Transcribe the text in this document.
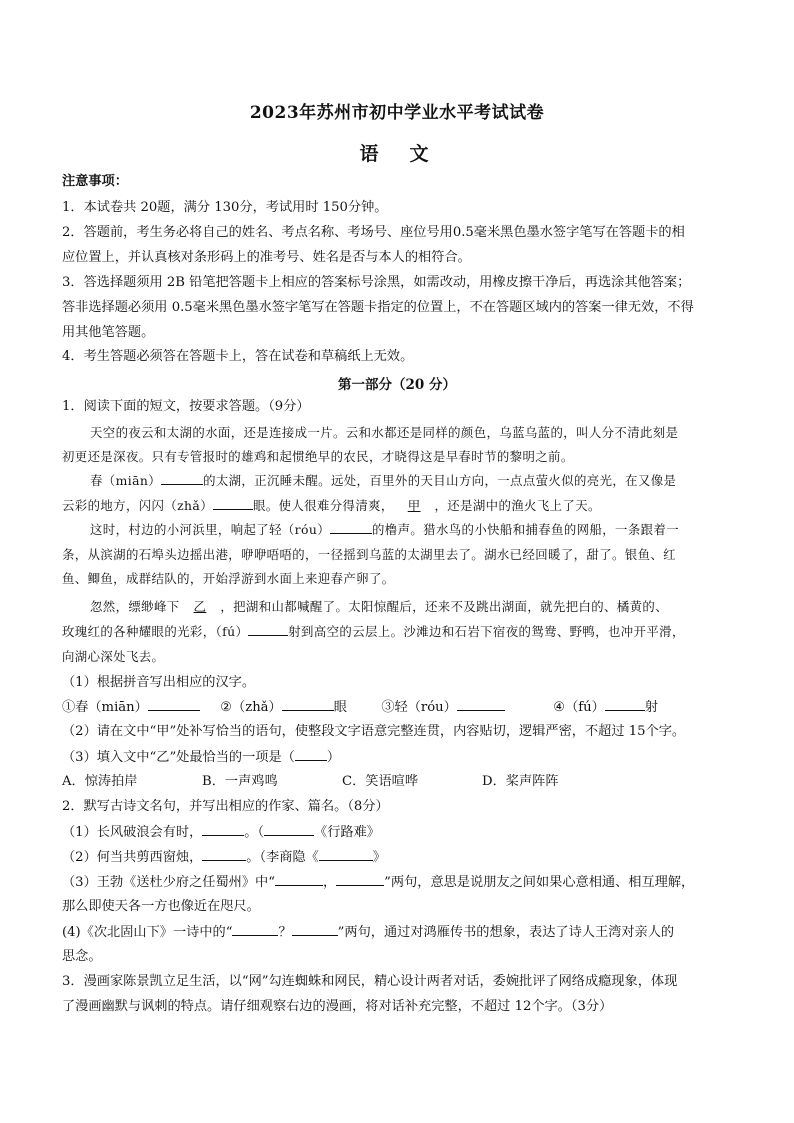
2023年苏州市初中学业水平考试试卷
语　文
注意事项：
1．本试卷共 20题，满分 130分，考试用时 150分钟。
2．答题前，考生务必将自己的姓名、考点名称、考场号、座位号用0.5毫米黑色墨水签字笔写在答题卡的相
应位置上，并认真核对条形码上的准考号、姓名是否与本人的相符合。
3．答选择题须用 2B 铅笔把答题卡上相应的答案标号涂黑，如需改动，用橡皮擦干净后，再选涂其他答案；
答非选择题必须用 0.5毫米黑色墨水签字笔写在答题卡指定的位置上，不在答题区域内的答案一律无效，不得
用其他笔答题。
4．考生答题必须答在答题卡上，答在试卷和草稿纸上无效。
第一部分（20 分）
1．阅读下面的短文，按要求答题。（9分）
天空的夜云和太湖的水面，还是连接成一片。云和水都还是同样的颜色，乌蓝乌蓝的，叫人分不清此刻是
初更还是深夜。只有专管报时的雄鸡和起惯绝早的农民，才晓得这是早春时节的黎明之前。
春（miān）	的太湖，正沉睡未醒。远处，百里外的天目山方向，一点点萤火似的亮光，在又像是
云彩的地方，闪闪（zhǎ）	眼。使人很难分得清爽， 甲 ，还是湖中的渔火飞上了天。
这时，村边的小河浜里，响起了轻（róu）	的橹声。猎水鸟的小快船和捕春鱼的网船，一条跟着一
条，从滨湖的石埠头边摇出港，咿咿唔唔的，一径摇到乌蓝的太湖里去了。湖水已经回暖了，甜了。银鱼、红
鱼、鲫鱼，成群结队的，开始浮游到水面上来迎春产卵了。
忽然，缥缈峰下 乙 ，把湖和山都喊醒了。太阳惊醒后，还来不及跳出湖面，就先把白的、橘黄的、
玫瑰红的各种耀眼的光彩，（fú）	射到高空的云层上。沙滩边和石岩下宿夜的鸳鸯、野鸭，也冲开平滑，
向湖心深处飞去。
（1）根据拼音写出相应的汉字。
①春（miān）	②（zhǎ）	眼	③轻（róu）	④（fú）	射
（2）请在文中“甲”处补写恰当的语句，使整段文字语意完整连贯，内容贴切，逻辑严密，不超过 15个字。
（3）填入文中“乙”处最恰当的一项是（ ）
A．惊涛拍岸	B．一声鸡鸣	C．笑语喧哗	D．桨声阵阵
2．默写古诗文名句，并写出相应的作家、篇名。（8分）
（1）长风破浪会有时，	。（	《行路难》
（2）何当共剪西窗烛，	。（李商隐《	》
（3）王勃《送杜少府之任蜀州》中“	，	”两句，意思是说朋友之间如果心意相通、相互理解，
那么即使天各一方也像近在咫尺。
(4)《次北固山下》一诗中的“	？	”两句，通过对鸿雁传书的想象，表达了诗人王湾对亲人的
思念。
3．漫画家陈景凯立足生活，以“网”勾连蜘蛛和网民，精心设计两者对话，委婉批评了网络成瘾现象，体现
了漫画幽默与讽刺的特点。请仔细观察右边的漫画，将对话补充完整，不超过 12个字。（3分）
